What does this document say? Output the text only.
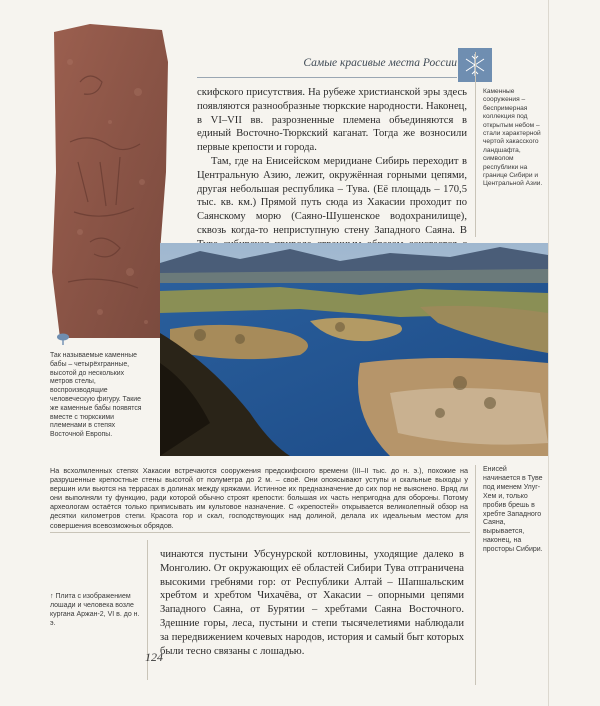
Самые красивые места России

скифского присутствия. На рубеже христианской эры здесь появляются разнообразные тюркские народности. Наконец, в VI–VII вв. разрозненные племена объединяются в единый Восточно-Тюркский каганат. Тогда же возносили первые крепости и города.

Там, где на Енисейском меридиане Сибирь переходит в Центральную Азию, лежит, окружённая горными цепями, другая небольшая республика – Тува. (Её площадь – 170,5 тыс. кв. км.) Прямой путь сюда из Хакасии проходит по Саянскому морю (Саяно-Шушенское водохранилище), сквозь когда-то неприступную стену Западного Саяна. В

Каменные сооружения – беспримерная коллекция под открытым небом – стали характерной чертой хакасского ландшафта, символом республики на границе Сибири и Центральной Азии.
Так называемые каменные бабы – четырёхгранные, высотой до нескольких метров стелы, воспроизводящие человеческую фигуру. Такие же каменные бабы появятся вместе с тюркскими племенами в степях Восточной Европы.
На всхолмленных степях Хакасии встречаются сооружения предскифского времени (III–II тыс. до н. э.), похожие на разрушенные крепостные стены высотой от полуметра до 2 м. – своё. Они опоясывают уступы и скальные выходы у вершин или вьются на террасах в долинах между кряжами. Истинное их предназначение до сих пор не выяснено. Вряд ли они выполняли ту функцию, ради которой обычно строят крепости: большая их часть непригодна для обороны. Потому археологам остаётся только приписывать им культовое назначение. С «крепостей» открывается великолепный обзор на десятки километров степи. Красота гор и скал, господствующих над долиной, делала их идеальным местом для совершения всевозможных обрядов.
Енисей начинается в Туве под именем Улуг-Хем и, только пробив брешь в хребте Западного Саяна, вырывается, наконец, на просторы Сибири.
чинаются пустыни Убсунурской котловины, уходящие далеко в Монголию. От окружающих её областей Сибири Тува отграничена высокими гребнями гор: от Республики Алтай – Шапшальским хребтом и хребтом Чихачёва, от Хакасии – опорными цепями Западного Саяна, от Бурятии – хребтами Саяна Восточного. Здешние горы, леса, пустыни и степи тысячелетиями наблюдали за передвижением кочевых народов, история и самый быт которых были тесно связаны с лошадью.
↑ Плита с изображением лошади и человека возле кургана Аржан-2, VI в. до н. э.
124
